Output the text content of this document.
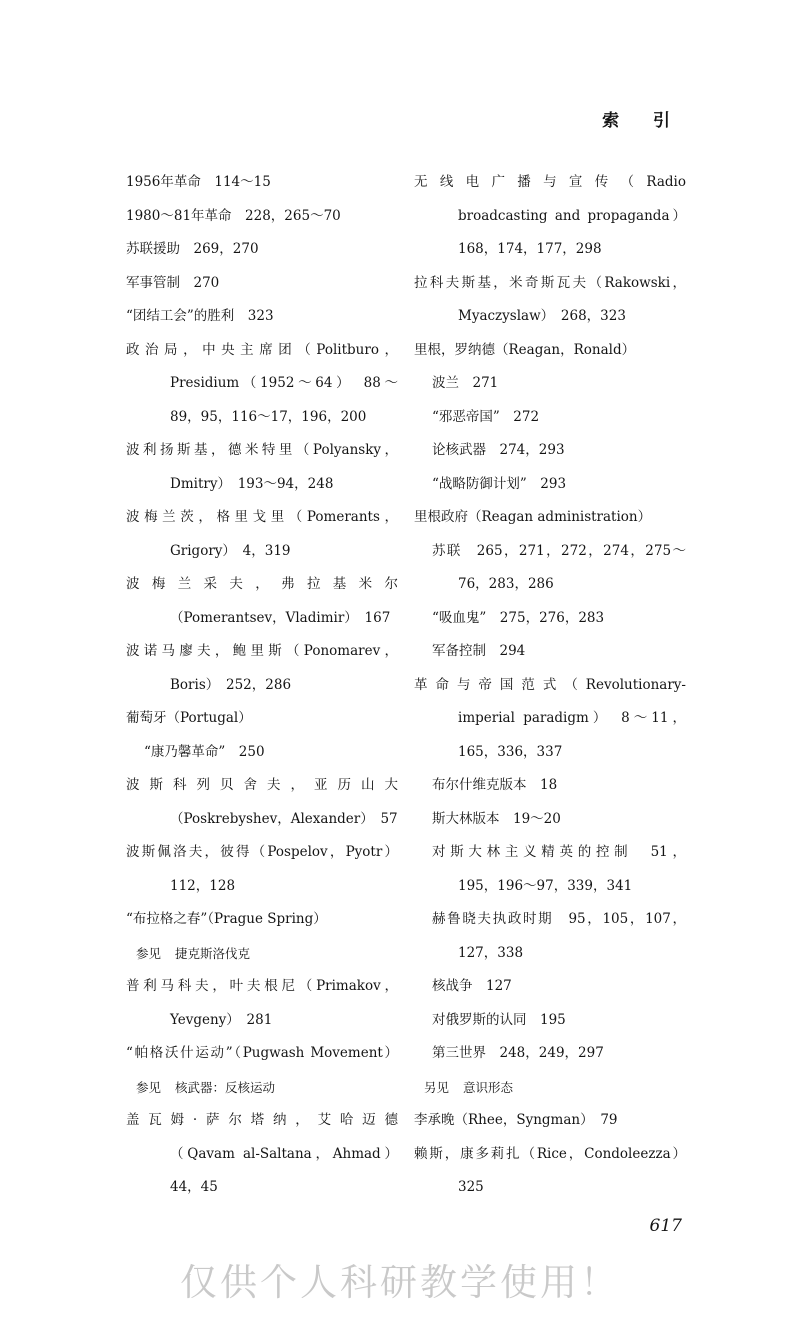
索 引
1956年革命　114～15
1980～81年革命　228，265～70
苏联援助　269，270
军事管制　270
“团结工会”的胜利　323
政治局，中央主席团（Politburo，
Presidium（1952～64）　88～
89，95，116～17，196，200
波利扬斯基，德米特里（Polyansky，
Dmitry）　193～94，248
波梅兰茨，格里戈里（Pomerants，
Grigory）　4，319
波梅兰采夫，弗拉基米尔
（Pomerantsev，Vladimir）　167
波诺马廖夫，鲍里斯（Ponomarev，
Boris）　252，286
葡萄牙（Portugal）
“康乃馨革命”　250
波斯科列贝舍夫，亚历山大
（Poskrebyshev，Alexander）　57
波斯佩洛夫，彼得（Pospelov，Pyotr）
112，128
“布拉格之春”（Prague Spring）
参见 捷克斯洛伐克
普利马科夫，叶夫根尼（Primakov，
Yevgeny）　281
“帕格沃什运动”（Pugwash Movement）
参见 核武器：反核运动
盖瓦姆·萨尔塔纳，艾哈迈德
（Qavam al-Saltana，Ahmad）
44，45
无线电广播与宣传（Radio
broadcasting and propaganda）
168，174，177，298
拉科夫斯基，米奇斯瓦夫（Rakowski，
Myaczyslaw）　268，323
里根，罗纳德（Reagan，Ronald）
波兰　271
“邪恶帝国”　272
论核武器　274，293
“战略防御计划”　293
里根政府（Reagan administration）
苏联　265，271，272，274，275～
76，283，286
“吸血鬼”　275，276，283
军备控制　294
革命与帝国范式（Revolutionary-
imperial paradigm）　8～11，
165，336，337
布尔什维克版本　18
斯大林版本　19～20
对斯大林主义精英的控制　51，
195，196～97，339，341
赫鲁晓夫执政时期　95，105，107，
127，338
核战争　127
对俄罗斯的认同　195
第三世界　248，249，297
另见 意识形态
李承晚（Rhee，Syngman）　79
赖斯，康多莉扎（Rice，Condoleezza）
325
617
仅供个人科研教学使用！
